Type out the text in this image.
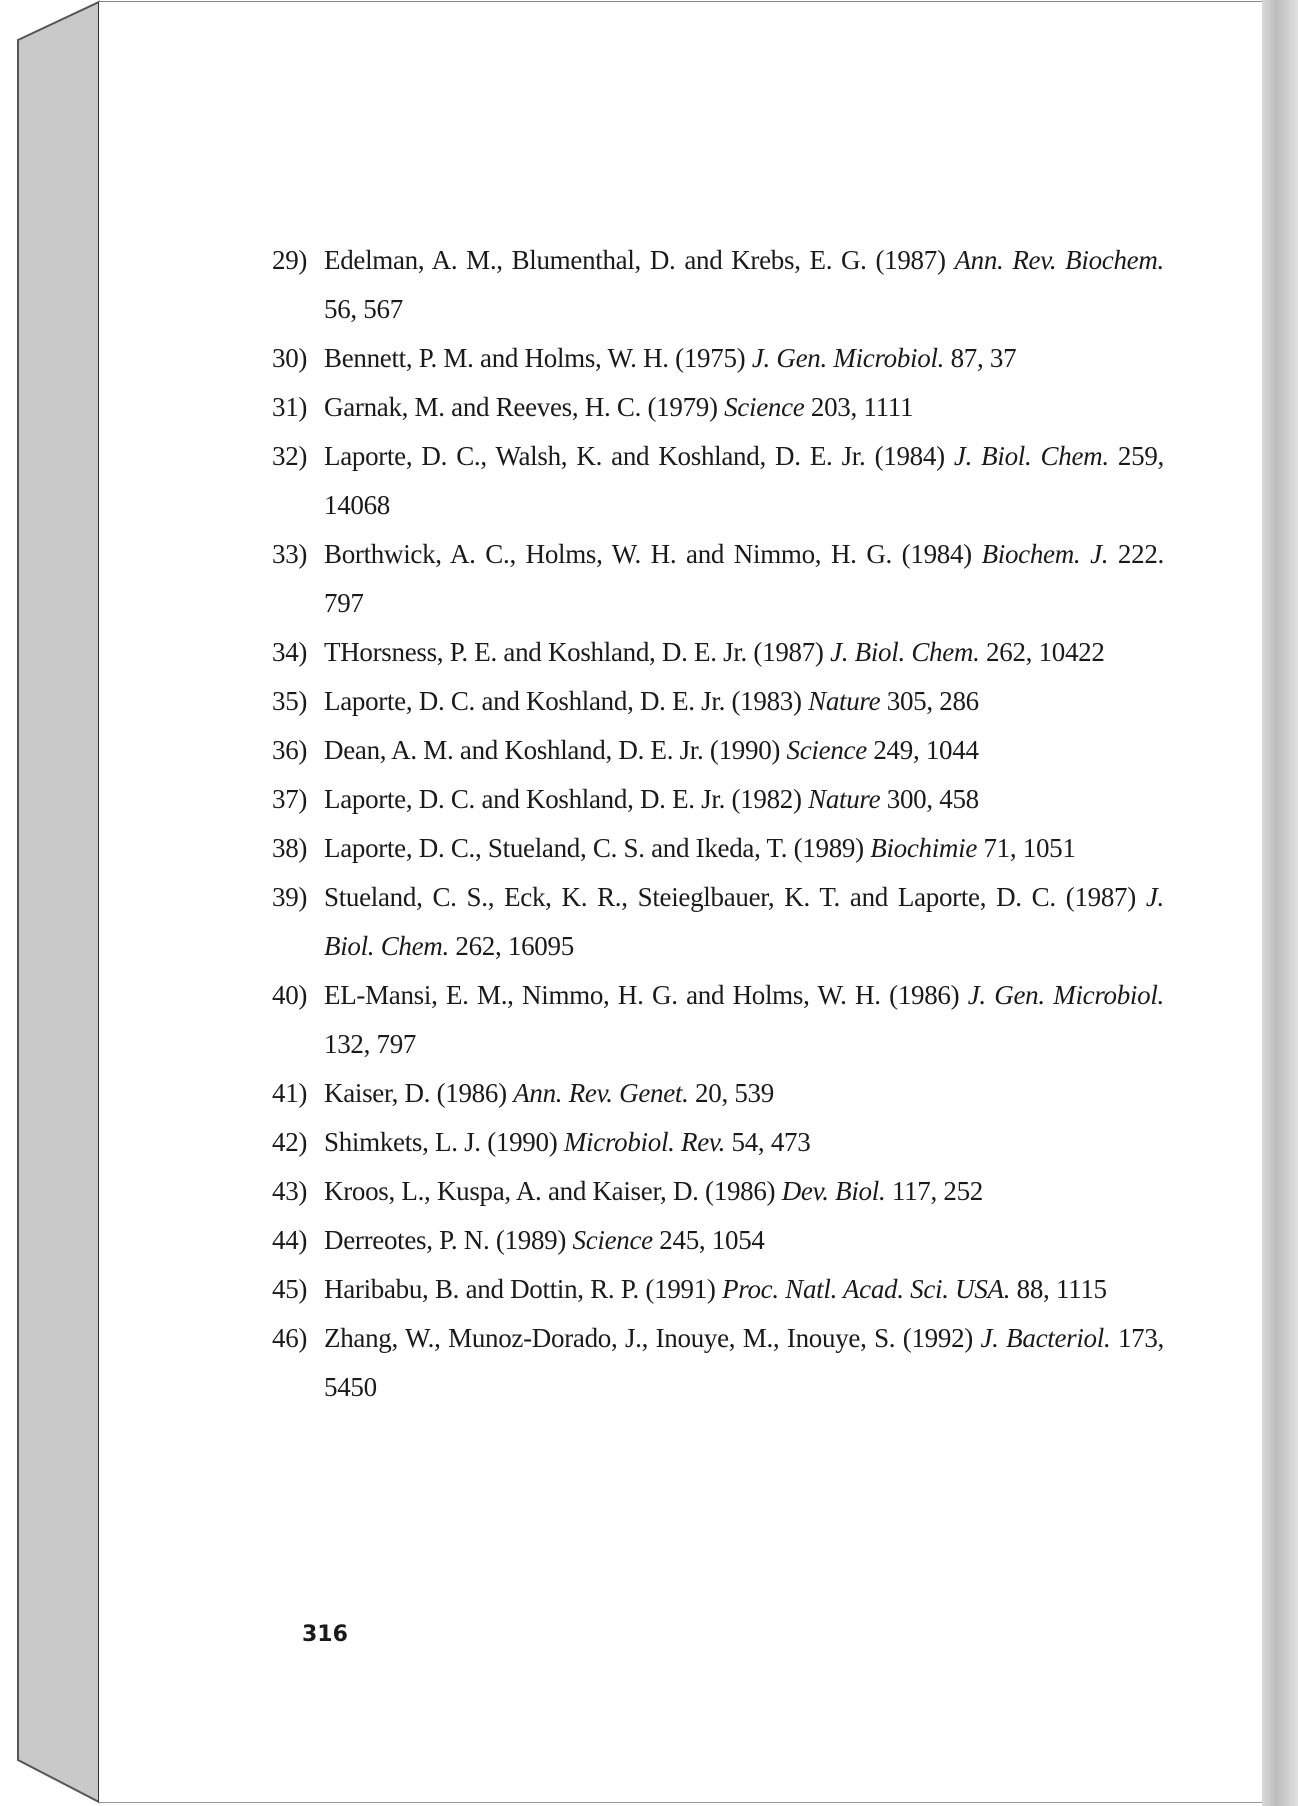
29) Edelman, A. M., Blumenthal, D. and Krebs, E. G. (1987) Ann. Rev. Biochem. 56, 567
30) Bennett, P. M. and Holms, W. H. (1975) J. Gen. Microbiol. 87, 37
31) Garnak, M. and Reeves, H. C. (1979) Science 203, 1111
32) Laporte, D. C., Walsh, K. and Koshland, D. E. Jr. (1984) J. Biol. Chem. 259, 14068
33) Borthwick, A. C., Holms, W. H. and Nimmo, H. G. (1984) Biochem. J. 222. 797
34) THorsness, P. E. and Koshland, D. E. Jr. (1987) J. Biol. Chem. 262, 10422
35) Laporte, D. C. and Koshland, D. E. Jr. (1983) Nature 305, 286
36) Dean, A. M. and Koshland, D. E. Jr. (1990) Science 249, 1044
37) Laporte, D. C. and Koshland, D. E. Jr. (1982) Nature 300, 458
38) Laporte, D. C., Stueland, C. S. and Ikeda, T. (1989) Biochimie 71, 1051
39) Stueland, C. S., Eck, K. R., Steieglbauer, K. T. and Laporte, D. C. (1987) J. Biol. Chem. 262, 16095
40) EL-Mansi, E. M., Nimmo, H. G. and Holms, W. H. (1986) J. Gen. Microbiol. 132, 797
41) Kaiser, D. (1986) Ann. Rev. Genet. 20, 539
42) Shimkets, L. J. (1990) Microbiol. Rev. 54, 473
43) Kroos, L., Kuspa, A. and Kaiser, D. (1986) Dev. Biol. 117, 252
44) Derreotes, P. N. (1989) Science 245, 1054
45) Haribabu, B. and Dottin, R. P. (1991) Proc. Natl. Acad. Sci. USA. 88, 1115
46) Zhang, W., Munoz-Dorado, J., Inouye, M., Inouye, S. (1992) J. Bacteriol. 173, 5450
316
